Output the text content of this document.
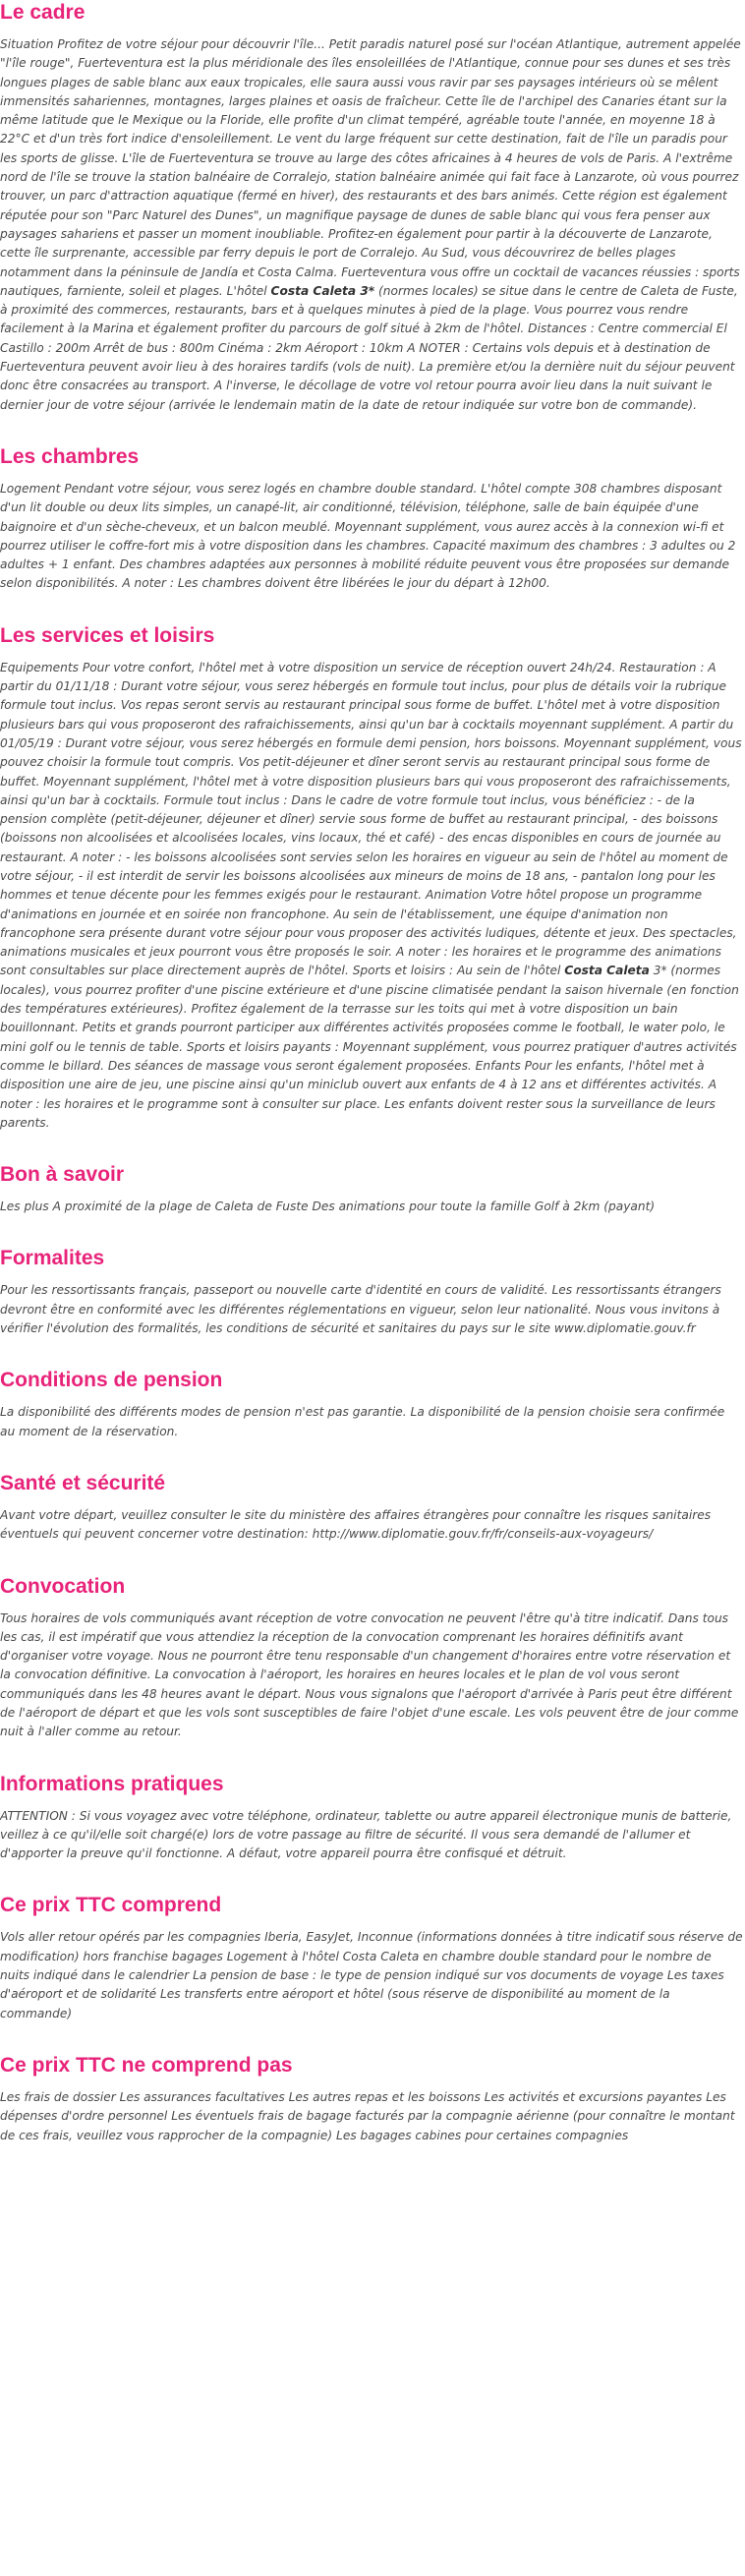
Le cadre

Situation Profitez de votre séjour pour découvrir l'île... Petit paradis naturel posé sur l'océan Atlantique, autrement appelée "l'île rouge", Fuerteventura est la plus méridionale des îles ensoleillées de l'Atlantique, connue pour ses dunes et ses très longues plages de sable blanc aux eaux tropicales, elle saura aussi vous ravir par ses paysages intérieurs où se mêlent immensités sahariennes, montagnes, larges plaines et oasis de fraîcheur. Cette île de l'archipel des Canaries étant sur la même latitude que le Mexique ou la Floride, elle profite d'un climat tempéré, agréable toute l'année, en moyenne 18 à 22°C et d'un très fort indice d'ensoleillement. Le vent du large fréquent sur cette destination, fait de l'île un paradis pour les sports de glisse. L'île de Fuerteventura se trouve au large des côtes africaines à 4 heures de vols de Paris. A l'extrême nord de l'île se trouve la station balnéaire de Corralejo, station balnéaire animée qui fait face à Lanzarote, où vous pourrez trouver, un parc d'attraction aquatique (fermé en hiver), des restaurants et des bars animés. Cette région est également réputée pour son "Parc Naturel des Dunes", un magnifique paysage de dunes de sable blanc qui vous fera penser aux paysages sahariens et passer un moment inoubliable. Profitez-en également pour partir à la découverte de Lanzarote, cette île surprenante, accessible par ferry depuis le port de Corralejo. Au Sud, vous découvrirez de belles plages notamment dans la péninsule de Jandía et Costa Calma. Fuerteventura vous offre un cocktail de vacances réussies : sports nautiques, farniente, soleil et plages. L'hôtel Costa Caleta 3* (normes locales) se situe dans le centre de Caleta de Fuste, à proximité des commerces, restaurants, bars et à quelques minutes à pied de la plage. Vous pourrez vous rendre facilement à la Marina et également profiter du parcours de golf situé à 2km de l'hôtel. Distances : Centre commercial El Castillo : 200m Arrêt de bus : 800m Cinéma : 2km Aéroport : 10km A NOTER : Certains vols depuis et à destination de Fuerteventura peuvent avoir lieu à des horaires tardifs (vols de nuit). La première et/ou la dernière nuit du séjour peuvent donc être consacrées au transport. A l'inverse, le décollage de votre vol retour pourra avoir lieu dans la nuit suivant le dernier jour de votre séjour (arrivée le lendemain matin de la date de retour indiquée sur votre bon de commande).

Les chambres

Logement Pendant votre séjour, vous serez logés en chambre double standard. L'hôtel compte 308 chambres disposant d'un lit double ou deux lits simples, un canapé-lit, air conditionné, télévision, téléphone, salle de bain équipée d'une baignoire et d'un sèche-cheveux, et un balcon meublé. Moyennant supplément, vous aurez accès à la connexion wi-fi et pourrez utiliser le coffre-fort mis à votre disposition dans les chambres. Capacité maximum des chambres : 3 adultes ou 2 adultes + 1 enfant. Des chambres adaptées aux personnes à mobilité réduite peuvent vous être proposées sur demande selon disponibilités. A noter : Les chambres doivent être libérées le jour du départ à 12h00.

Les services et loisirs

Equipements Pour votre confort, l'hôtel met à votre disposition un service de réception ouvert 24h/24. Restauration : A partir du 01/11/18 : Durant votre séjour, vous serez hébergés en formule tout inclus, pour plus de détails voir la rubrique formule tout inclus. Vos repas seront servis au restaurant principal sous forme de buffet. L'hôtel met à votre disposition plusieurs bars qui vous proposeront des rafraichissements, ainsi qu'un bar à cocktails moyennant supplément. A partir du 01/05/19 : Durant votre séjour, vous serez hébergés en formule demi pension, hors boissons. Moyennant supplément, vous pouvez choisir la formule tout compris. Vos petit-déjeuner et dîner seront servis au restaurant principal sous forme de buffet. Moyennant supplément, l'hôtel met à votre disposition plusieurs bars qui vous proposeront des rafraichissements, ainsi qu'un bar à cocktails. Formule tout inclus : Dans le cadre de votre formule tout inclus, vous bénéficiez : - de la pension complète (petit-déjeuner, déjeuner et dîner) servie sous forme de buffet au restaurant principal, - des boissons (boissons non alcoolisées et alcoolisées locales, vins locaux, thé et café) - des encas disponibles en cours de journée au restaurant. A noter : - les boissons alcoolisées sont servies selon les horaires en vigueur au sein de l'hôtel au moment de votre séjour, - il est interdit de servir les boissons alcoolisées aux mineurs de moins de 18 ans, - pantalon long pour les hommes et tenue décente pour les femmes exigés pour le restaurant. Animation Votre hôtel propose un programme d'animations en journée et en soirée non francophone. Au sein de l'établissement, une équipe d'animation non francophone sera présente durant votre séjour pour vous proposer des activités ludiques, détente et jeux. Des spectacles, animations musicales et jeux pourront vous être proposés le soir. A noter : les horaires et le programme des animations sont consultables sur place directement auprès de l'hôtel. Sports et loisirs : Au sein de l'hôtel Costa Caleta 3* (normes locales), vous pourrez profiter d'une piscine extérieure et d'une piscine climatisée pendant la saison hivernale (en fonction des températures extérieures). Profitez également de la terrasse sur les toits qui met à votre disposition un bain bouillonnant. Petits et grands pourront participer aux différentes activités proposées comme le football, le water polo, le mini golf ou le tennis de table. Sports et loisirs payants : Moyennant supplément, vous pourrez pratiquer d'autres activités comme le billard. Des séances de massage vous seront également proposées. Enfants Pour les enfants, l'hôtel met à disposition une aire de jeu, une piscine ainsi qu'un miniclub ouvert aux enfants de 4 à 12 ans et différentes activités. A noter : les horaires et le programme sont à consulter sur place. Les enfants doivent rester sous la surveillance de leurs parents.

Bon à savoir

Les plus A proximité de la plage de Caleta de Fuste Des animations pour toute la famille Golf à 2km (payant)

Formalites

Pour les ressortissants français, passeport ou nouvelle carte d'identité en cours de validité. Les ressortissants étrangers devront être en conformité avec les différentes réglementations en vigueur, selon leur nationalité. Nous vous invitons à vérifier l'évolution des formalités, les conditions de sécurité et sanitaires du pays sur le site www.diplomatie.gouv.fr

Conditions de pension

La disponibilité des différents modes de pension n'est pas garantie. La disponibilité de la pension choisie sera confirmée au moment de la réservation.

Santé et sécurité

Avant votre départ, veuillez consulter le site du ministère des affaires étrangères pour connaître les risques sanitaires éventuels qui peuvent concerner votre destination: http://www.diplomatie.gouv.fr/fr/conseils-aux-voyageurs/

Convocation

Tous horaires de vols communiqués avant réception de votre convocation ne peuvent l'être qu'à titre indicatif. Dans tous les cas, il est impératif que vous attendiez la réception de la convocation comprenant les horaires définitifs avant d'organiser votre voyage. Nous ne pourront être tenu responsable d'un changement d'horaires entre votre réservation et la convocation définitive. La convocation à l'aéroport, les horaires en heures locales et le plan de vol vous seront communiqués dans les 48 heures avant le départ. Nous vous signalons que l'aéroport d'arrivée à Paris peut être différent de l'aéroport de départ et que les vols sont susceptibles de faire l'objet d'une escale. Les vols peuvent être de jour comme nuit à l'aller comme au retour.

Informations pratiques

ATTENTION : Si vous voyagez avec votre téléphone, ordinateur, tablette ou autre appareil électronique munis de batterie, veillez à ce qu'il/elle soit chargé(e) lors de votre passage au filtre de sécurité. Il vous sera demandé de l'allumer et d'apporter la preuve qu'il fonctionne. A défaut, votre appareil pourra être confisqué et détruit.

Ce prix TTC comprend

Vols aller retour opérés par les compagnies Iberia, EasyJet, Inconnue (informations données à titre indicatif sous réserve de modification) hors franchise bagages Logement à l'hôtel Costa Caleta en chambre double standard pour le nombre de nuits indiqué dans le calendrier La pension de base : le type de pension indiqué sur vos documents de voyage Les taxes d'aéroport et de solidarité Les transferts entre aéroport et hôtel (sous réserve de disponibilité au moment de la commande)

Ce prix TTC ne comprend pas

Les frais de dossier Les assurances facultatives Les autres repas et les boissons Les activités et excursions payantes Les dépenses d'ordre personnel Les éventuels frais de bagage facturés par la compagnie aérienne (pour connaître le montant de ces frais, veuillez vous rapprocher de la compagnie) Les bagages cabines pour certaines compagnies
